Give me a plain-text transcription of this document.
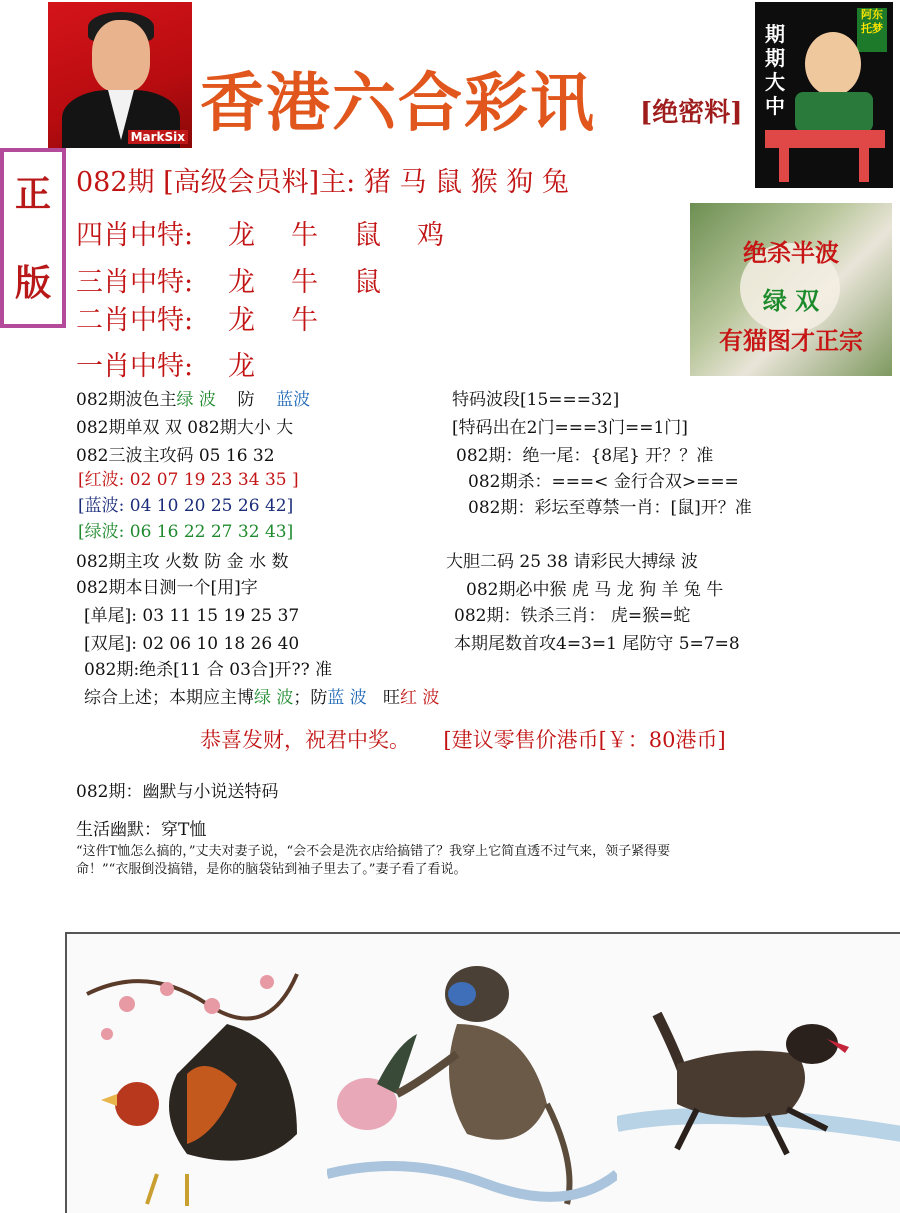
MarkSix 香港六合彩讯 [绝密料]
期期大中
阿东托梦
正
版
082期 [高级会员料]主: 猪 马 鼠 猴 狗 兔
四肖中特: 龙 牛 鼠 鸡
三肖中特: 龙 牛 鼠
二肖中特: 龙 牛
一肖中特: 龙
绝杀半波
绿 双
有猫图才正宗
082期波色主绿 波 防 蓝波
082期单双 双 082期大小 大
082三波主攻码 05 16 32
[红波: 02 07 19 23 34 35 ]
[蓝波: 04 10 20 25 26 42]
[绿波: 06 16 22 27 32 43]
082期主攻 火数 防 金 水 数
082期本日测一个[用]字
[单尾]: 03 11 15 19 25 37
[双尾]: 02 06 10 18 26 40
082期:绝杀[11 合 03合]开?? 准
综合上述；本期应主博绿 波；防蓝 波 旺红 波
特码波段[15===32]
[特码出在2门===3门==1门]
082期：绝一尾：{8尾} 开？？准
082期杀：===< 金行合双>===
082期：彩坛至尊禁一肖：[鼠]开？准
大胆二码 25 38 请彩民大搏绿 波
082期必中猴 虎 马 龙 狗 羊 兔 牛
082期：铁杀三肖： 虎=猴=蛇
本期尾数首攻4=3=1 尾防守 5=7=8
恭喜发财，祝君中奖。 [建议零售价港币[￥：80港币]
082期：幽默与小说送特码
生活幽默：穿T恤
“这件T恤怎么搞的，”丈夫对妻子说，“会不会是洗衣店给搞错了？我穿上它简直透不过气来，领子紧得要
命！”“衣服倒没搞错，是你的脑袋钻到袖子里去了。”妻子看了看说。
